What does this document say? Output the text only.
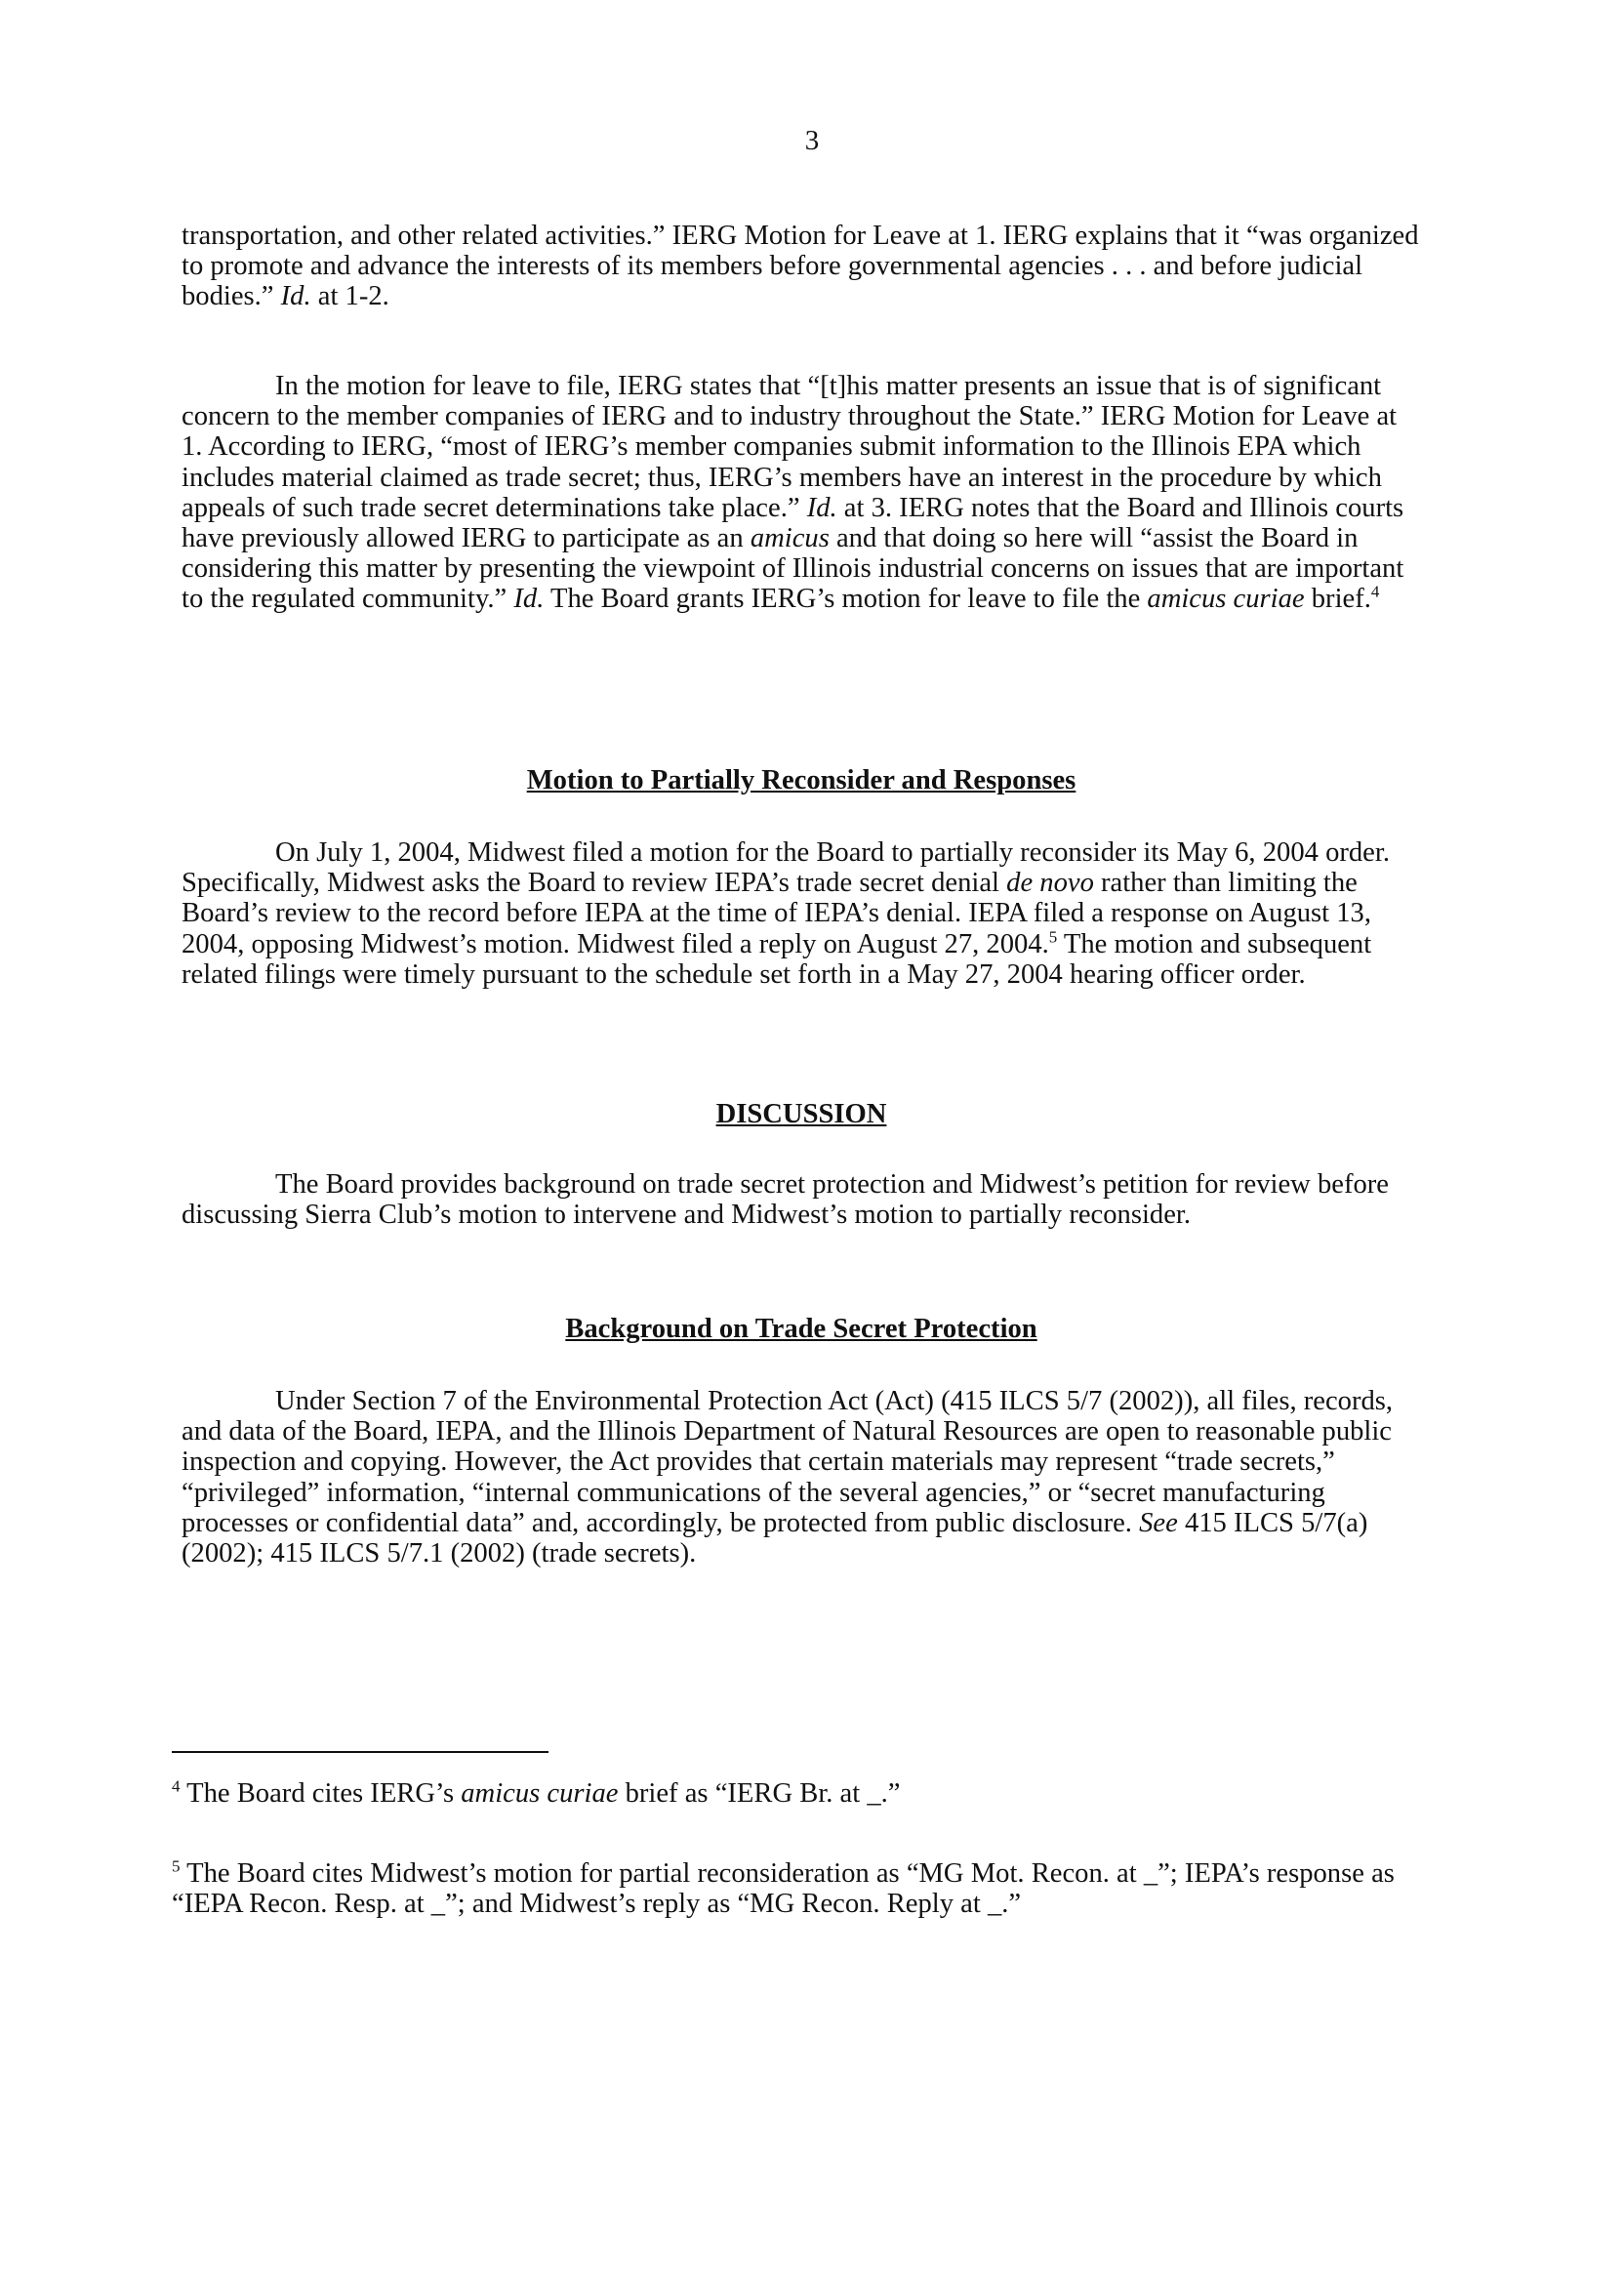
3

transportation, and other related activities.” IERG Motion for Leave at 1. IERG explains that it “was organized to promote and advance the interests of its members before governmental agencies . . . and before judicial bodies.” Id. at 1-2.

In the motion for leave to file, IERG states that “[t]his matter presents an issue that is of significant concern to the member companies of IERG and to industry throughout the State.” IERG Motion for Leave at 1. According to IERG, “most of IERG’s member companies submit information to the Illinois EPA which includes material claimed as trade secret; thus, IERG’s members have an interest in the procedure by which appeals of such trade secret determinations take place.” Id. at 3. IERG notes that the Board and Illinois courts have previously allowed IERG to participate as an amicus and that doing so here will “assist the Board in considering this matter by presenting the viewpoint of Illinois industrial concerns on issues that are important to the regulated community.” Id. The Board grants IERG’s motion for leave to file the amicus curiae brief.$^4$

Motion to Partially Reconsider and Responses

On July 1, 2004, Midwest filed a motion for the Board to partially reconsider its May 6, 2004 order. Specifically, Midwest asks the Board to review IEPA’s trade secret denial de novo rather than limiting the Board’s review to the record before IEPA at the time of IEPA’s denial. IEPA filed a response on August 13, 2004, opposing Midwest’s motion. Midwest filed a reply on August 27, 2004.$^5$ The motion and subsequent related filings were timely pursuant to the schedule set forth in a May 27, 2004 hearing officer order.

DISCUSSION

The Board provides background on trade secret protection and Midwest’s petition for review before discussing Sierra Club’s motion to intervene and Midwest’s motion to partially reconsider.

Background on Trade Secret Protection

Under Section 7 of the Environmental Protection Act (Act) (415 ILCS 5/7 (2002)), all files, records, and data of the Board, IEPA, and the Illinois Department of Natural Resources are open to reasonable public inspection and copying. However, the Act provides that certain materials may represent “trade secrets,” “privileged” information, “internal communications of the several agencies,” or “secret manufacturing processes or confidential data” and, accordingly, be protected from public disclosure. See 415 ILCS 5/7(a) (2002); 415 ILCS 5/7.1 (2002) (trade secrets).

$^4$ The Board cites IERG’s amicus curiae brief as “IERG Br. at _.”
$^5$ The Board cites Midwest’s motion for partial reconsideration as “MG Mot. Recon. at _”; IEPA’s response as “IEPA Recon. Resp. at _”; and Midwest’s reply as “MG Recon. Reply at _.”
